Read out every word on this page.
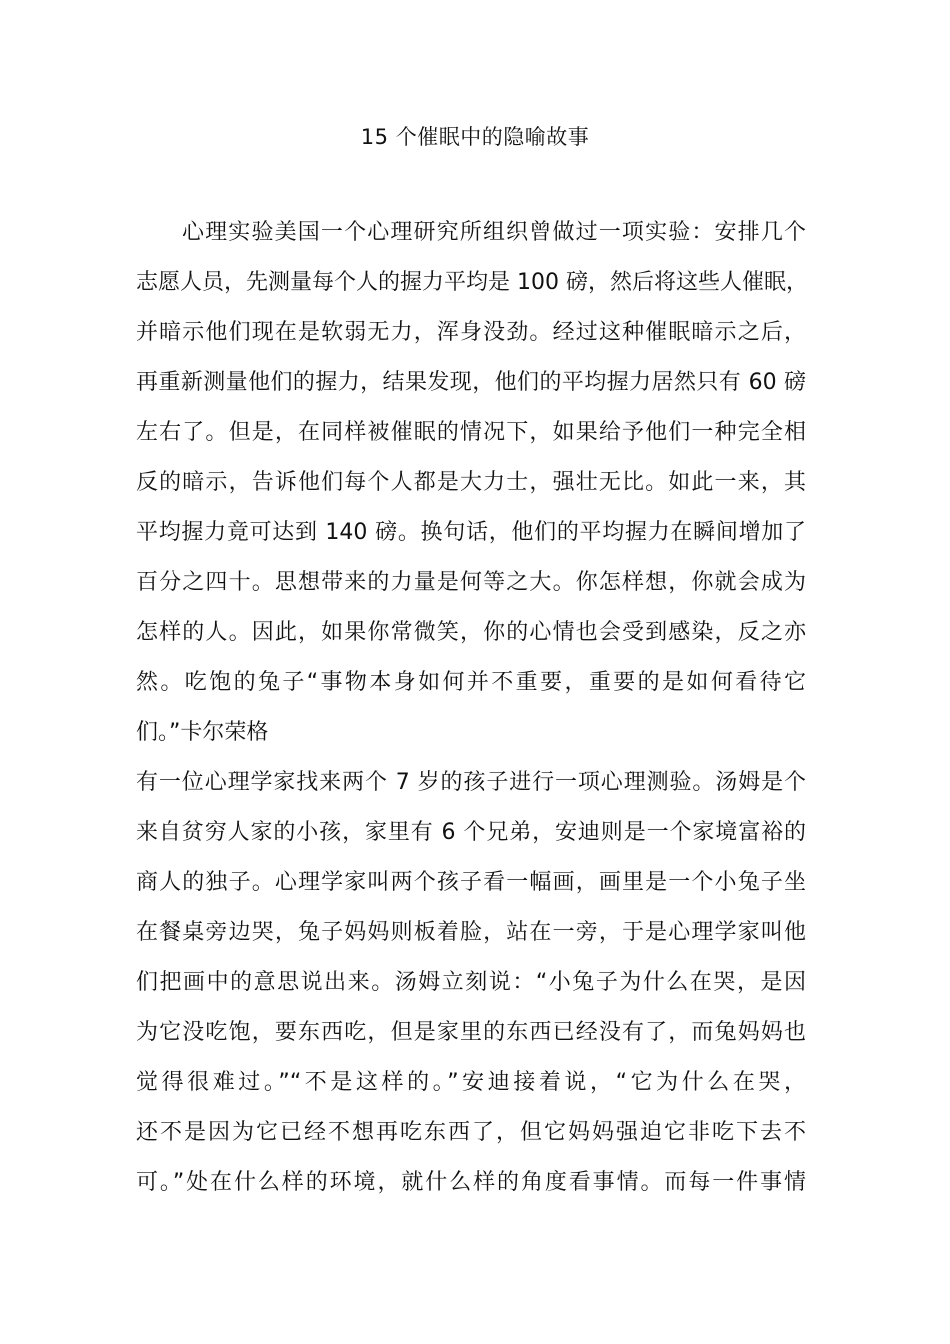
15 个催眠中的隐喻故事
心理实验美国一个心理研究所组织曾做过一项实验：安排几个
志愿人员，先测量每个人的握力平均是 100 磅，然后将这些人催眠，
并暗示他们现在是软弱无力，浑身没劲。经过这种催眠暗示之后，
再重新测量他们的握力，结果发现，他们的平均握力居然只有 60 磅
左右了。但是，在同样被催眠的情况下，如果给予他们一种完全相
反的暗示，告诉他们每个人都是大力士，强壮无比。如此一来，其
平均握力竟可达到 140 磅。换句话，他们的平均握力在瞬间增加了
百分之四十。思想带来的力量是何等之大。你怎样想，你就会成为
怎样的人。因此，如果你常微笑，你的心情也会受到感染，反之亦
然。吃饱的兔子“事物本身如何并不重要，重要的是如何看待它
们。”卡尔荣格
有一位心理学家找来两个 7 岁的孩子进行一项心理测验。汤姆是个
来自贫穷人家的小孩，家里有 6 个兄弟，安迪则是一个家境富裕的
商人的独子。心理学家叫两个孩子看一幅画，画里是一个小兔子坐
在餐桌旁边哭，兔子妈妈则板着脸，站在一旁，于是心理学家叫他
们把画中的意思说出来。汤姆立刻说：“小兔子为什么在哭，是因
为它没吃饱，要东西吃，但是家里的东西已经没有了，而兔妈妈也
觉得很难过。”“不是这样的。”安迪接着说，“它为什么在哭，
还不是因为它已经不想再吃东西了，但它妈妈强迫它非吃下去不
可。”处在什么样的环境，就什么样的角度看事情。而每一件事情
